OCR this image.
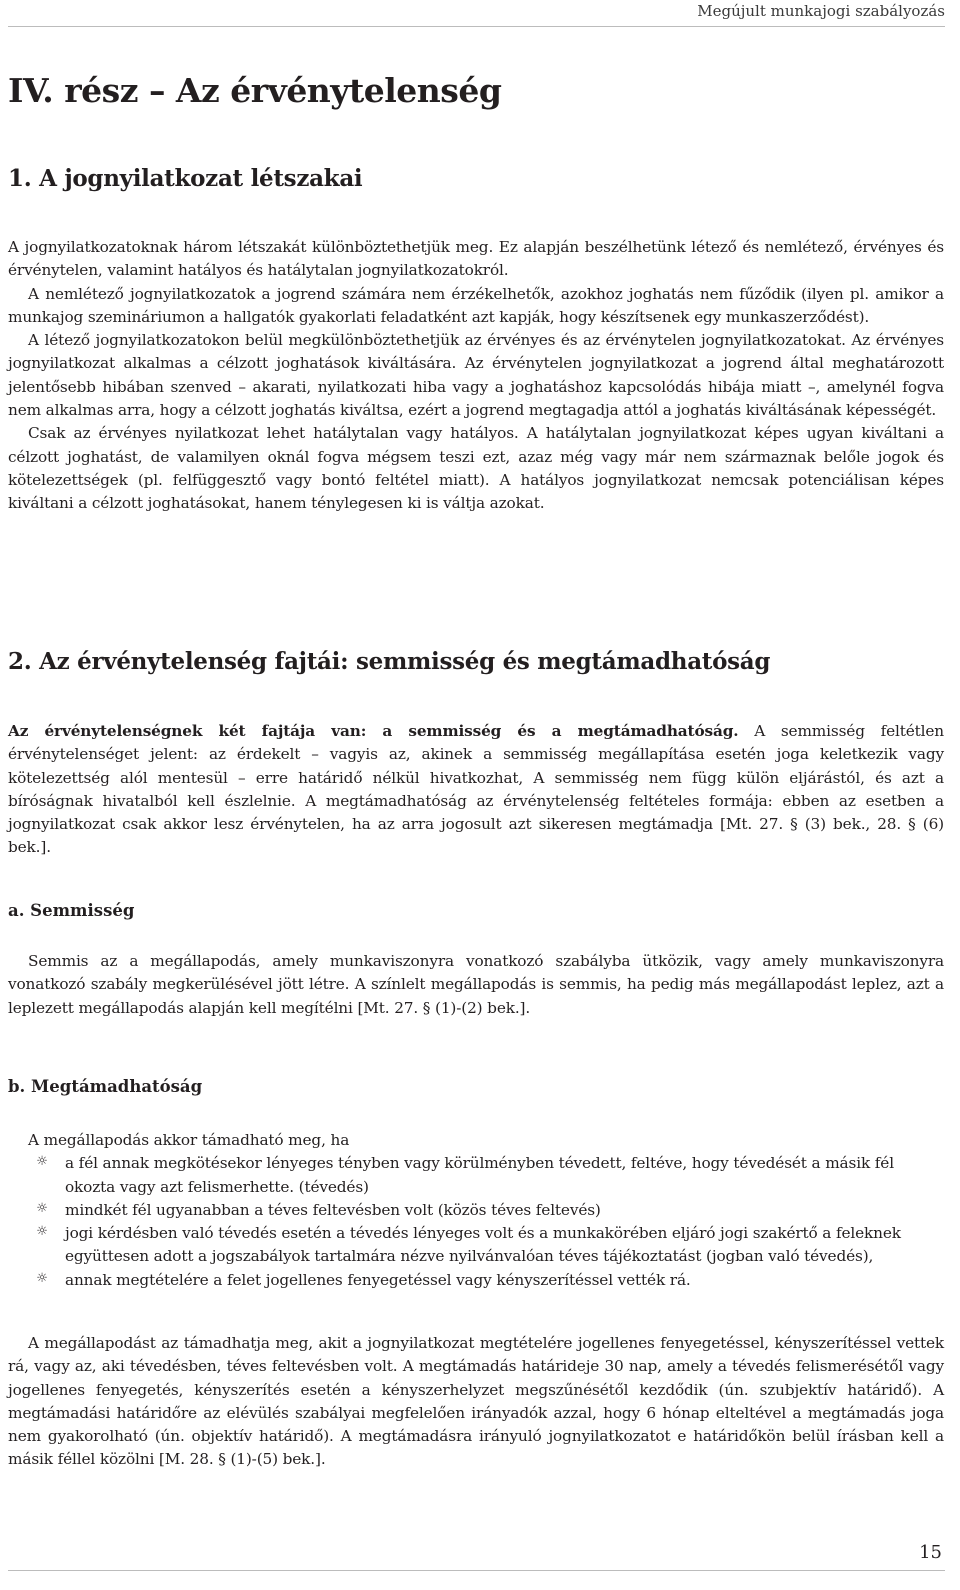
Megújult munkajogi szabályozás
IV. rész – Az érvénytelenség
1. A jognyilatkozat létszakai

A jognyilatkozatoknak három létszakát különböztethetjük meg. Ez alapján beszélhetünk létező és nemlétező, érvényes és érvénytelen, valamint hatályos és hatálytalan jognyilatkozatokról.

A nemlétező jognyilatkozatok a jogrend számára nem érzékelhetők, azokhoz joghatás nem fűződik (ilyen pl. amikor a munkajog szemináriumon a hallgatók gyakorlati feladatként azt kapják, hogy készítsenek egy munkaszerződést).

A létező jognyilatkozatokon belül megkülönböztethetjük az érvényes és az érvénytelen jognyilatkozatokat. Az érvényes jognyilatkozat alkalmas a célzott joghatások kiváltására. Az érvénytelen jognyilatkozat a jogrend által meghatározott jelentősebb hibában szenved – akarati, nyilatkozati hiba vagy a joghatáshoz kapcsolódás hibája miatt –, amelynél fogva nem alkalmas arra, hogy a célzott joghatás kiváltsa, ezért a jogrend megtagadja attól a joghatás kiváltásának képességét.

Csak az érvényes nyilatkozat lehet hatálytalan vagy hatályos. A hatálytalan jognyilatkozat képes ugyan kiváltani a célzott joghatást, de valamilyen oknál fogva mégsem teszi ezt, azaz még vagy már nem származnak belőle jogok és kötelezettségek (pl. felfüggesztő vagy bontó feltétel miatt). A hatályos jognyilatkozat nemcsak potenciálisan képes kiváltani a célzott joghatásokat, hanem ténylegesen ki is váltja azokat.

2. Az érvénytelenség fajtái: semmisség és megtámadhatóság

Az érvénytelenségnek két fajtája van: a semmisség és a megtámadhatóság. A semmisség feltétlen érvénytelenséget jelent: az érdekelt – vagyis az, akinek a semmisség megállapítása esetén joga keletkezik vagy kötelezettség alól mentesül – erre határidő nélkül hivatkozhat, A semmisség nem függ külön eljárástól, és azt a bíróságnak hivatalból kell észlelnie. A megtámadhatóság az érvénytelenség feltételes formája: ebben az esetben a jognyilatkozat csak akkor lesz érvénytelen, ha az arra jogosult azt sikeresen megtámadja [Mt. 27. § (3) bek., 28. § (6) bek.].

a. Semmisség

Semmis az a megállapodás, amely munkaviszonyra vonatkozó szabályba ütközik, vagy amely munkaviszonyra vonatkozó szabály megkerülésével jött létre. A színlelt megállapodás is semmis, ha pedig más megállapodást leplez, azt a leplezett megállapodás alapján kell megítélni [Mt. 27. § (1)-(2) bek.].

b. Megtámadhatóság

A megállapodás akkor támadható meg, ha

☼ a fél annak megkötésekor lényeges tényben vagy körülményben tévedett, feltéve, hogy tévedését a másik fél okozta vagy azt felismerhette. (tévedés)
☼ mindkét fél ugyanabban a téves feltevésben volt (közös téves feltevés)
☼ jogi kérdésben való tévedés esetén a tévedés lényeges volt és a munkakörében eljáró jogi szakértő a feleknek együttesen adott a jogszabályok tartalmára nézve nyilvánvalóan téves tájékoztatást (jogban való tévedés),
☼ annak megtételére a felet jogellenes fenyegetéssel vagy kényszerítéssel vették rá.

A megállapodást az támadhatja meg, akit a jognyilatkozat megtételére jogellenes fenyegetéssel, kényszerítéssel vettek rá, vagy az, aki tévedésben, téves feltevésben volt. A megtámadás határideje 30 nap, amely a tévedés felismerésétől vagy jogellenes fenyegetés, kényszerítés esetén a kényszerhelyzet megszűnésétől kezdődik (ún. szubjektív határidő). A megtámadási határidőre az elévülés szabályai megfelelően irányadók azzal, hogy 6 hónap elteltével a megtámadás joga nem gyakorolható (ún. objektív határidő). A megtámadásra irányuló jognyilatkozatot e határidőkön belül írásban kell a másik féllel közölni [M. 28. § (1)-(5) bek.].

15
